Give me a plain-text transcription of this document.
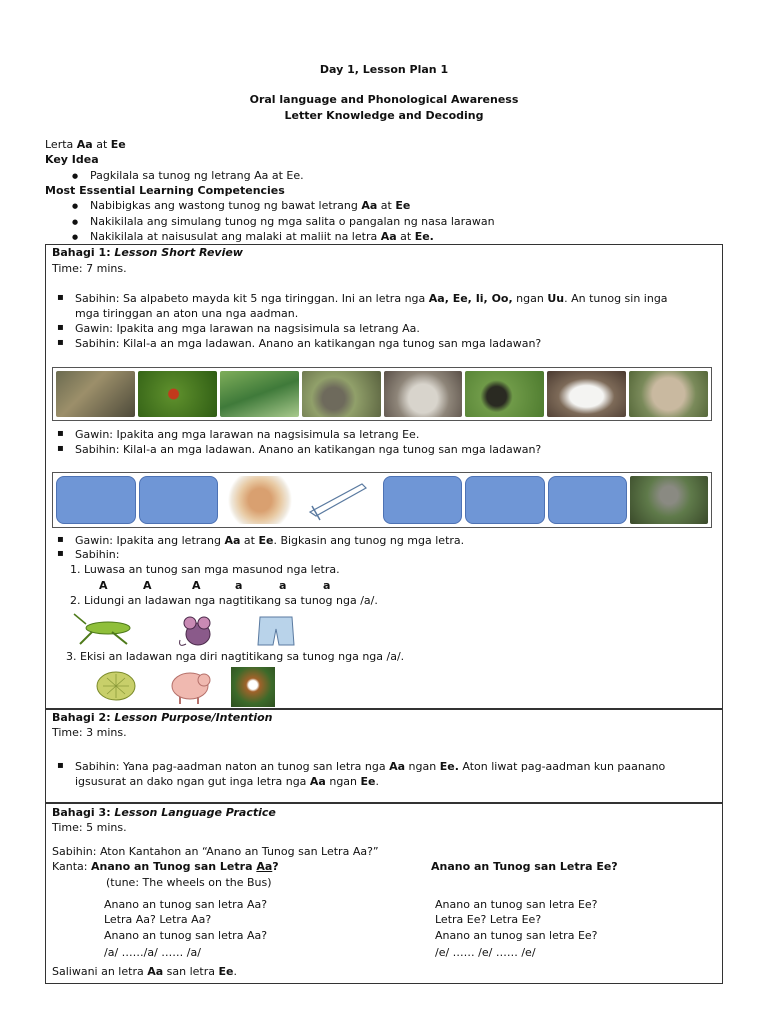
Day 1, Lesson Plan 1
Oral language and Phonological Awareness
Letter Knowledge and Decoding
Lerta Aa at Ee
Key Idea
● Pagkilala sa tunog ng letrang Aa at Ee.
Most Essential Learning Competencies
● Nabibigkas ang wastong tunog ng bawat letrang Aa at Ee
● Nakikilala ang simulang tunog ng mga salita o pangalan ng nasa larawan
● Nakikilala at naisusulat ang malaki at maliit na letra Aa at Ee.
Bahagi 1: Lesson Short Review
Time: 7 mins.
▪ Sabihin: Sa alpabeto mayda kit 5 nga tiringgan. Ini an letra nga Aa, Ee, Ii, Oo, ngan Uu. An tunog sin inga
mga tiringgan an aton una nga aadman.
▪ Gawin: Ipakita ang mga larawan na nagsisimula sa letrang Aa.
▪ Sabihin: Kilal-a an mga ladawan. Anano an katikangan nga tunog san mga ladawan?
▪ Gawin: Ipakita ang mga larawan na nagsisimula sa letrang Ee.
▪ Sabihin: Kilal-a an mga ladawan. Anano an katikangan nga tunog san mga ladawan?
▪ Gawin: Ipakita ang letrang Aa at Ee. Bigkasin ang tunog ng mga letra.
▪ Sabihin:
1. Luwasa an tunog san mga masunod nga letra.
A	A	A	a	a	a
2. Lidungi an ladawan nga nagtitikang sa tunog nga /a/.
3. Ekisi an ladawan nga diri nagtitikang sa tunog nga nga /a/.
Bahagi 2: Lesson Purpose/Intention
Time: 3 mins.
▪ Sabihin: Yana pag-aadman naton an tunog san letra nga Aa ngan Ee. Aton liwat pag-aadman kun paanano
igsusurat an dako ngan gut inga letra nga Aa ngan Ee.
Bahagi 3: Lesson Language Practice
Time: 5 mins.
Sabihin: Aton Kantahon an “Anano an Tunog san Letra Aa?”
Kanta: Anano an Tunog san Letra Aa?	Anano an Tunog san Letra Ee?
(tune: The wheels on the Bus)
Anano an tunog san letra Aa?
Letra Aa? Letra Aa?
Anano an tunog san letra Aa?
/a/ ……/a/ …… /a/
Anano an tunog san letra Ee?
Letra Ee? Letra Ee?
Anano an tunog san letra Ee?
/e/ …… /e/ …… /e/
Saliwani an letra Aa san letra Ee.
